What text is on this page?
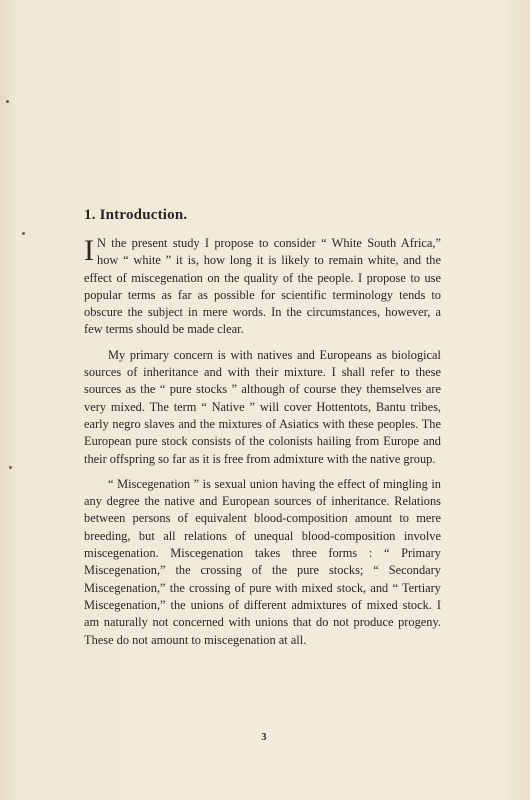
1. Introduction.

I N the present study I propose to consider “ White South Africa,” how “ white ” it is, how long it is likely to remain white, and the effect of miscegenation on the quality of the people. I propose to use popular terms as far as possible for scientific terminology tends to obscure the subject in mere words. In the circumstances, however, a few terms should be made clear.

My primary concern is with natives and Europeans as biological sources of inheritance and with their mixture. I shall refer to these sources as the “ pure stocks ” although of course they themselves are very mixed. The term “ Native ” will cover Hottentots, Bantu tribes, early negro slaves and the mixtures of Asiatics with these peoples. The European pure stock consists of the colonists hailing from Europe and their offspring so far as it is free from admixture with the native group.

“ Miscegenation ” is sexual union having the effect of mingling in any degree the native and European sources of inheritance. Relations between persons of equivalent blood-composition amount to mere breeding, but all relations of unequal blood-composition involve miscegenation. Miscegenation takes three forms : “ Primary Miscegenation,” the crossing of the pure stocks; “ Secondary Miscegenation,” the crossing of pure with mixed stock, and “ Tertiary Miscegenation,” the unions of different admixtures of mixed stock. I am naturally not concerned with unions that do not produce progeny. These do not amount to miscegenation at all.

3
